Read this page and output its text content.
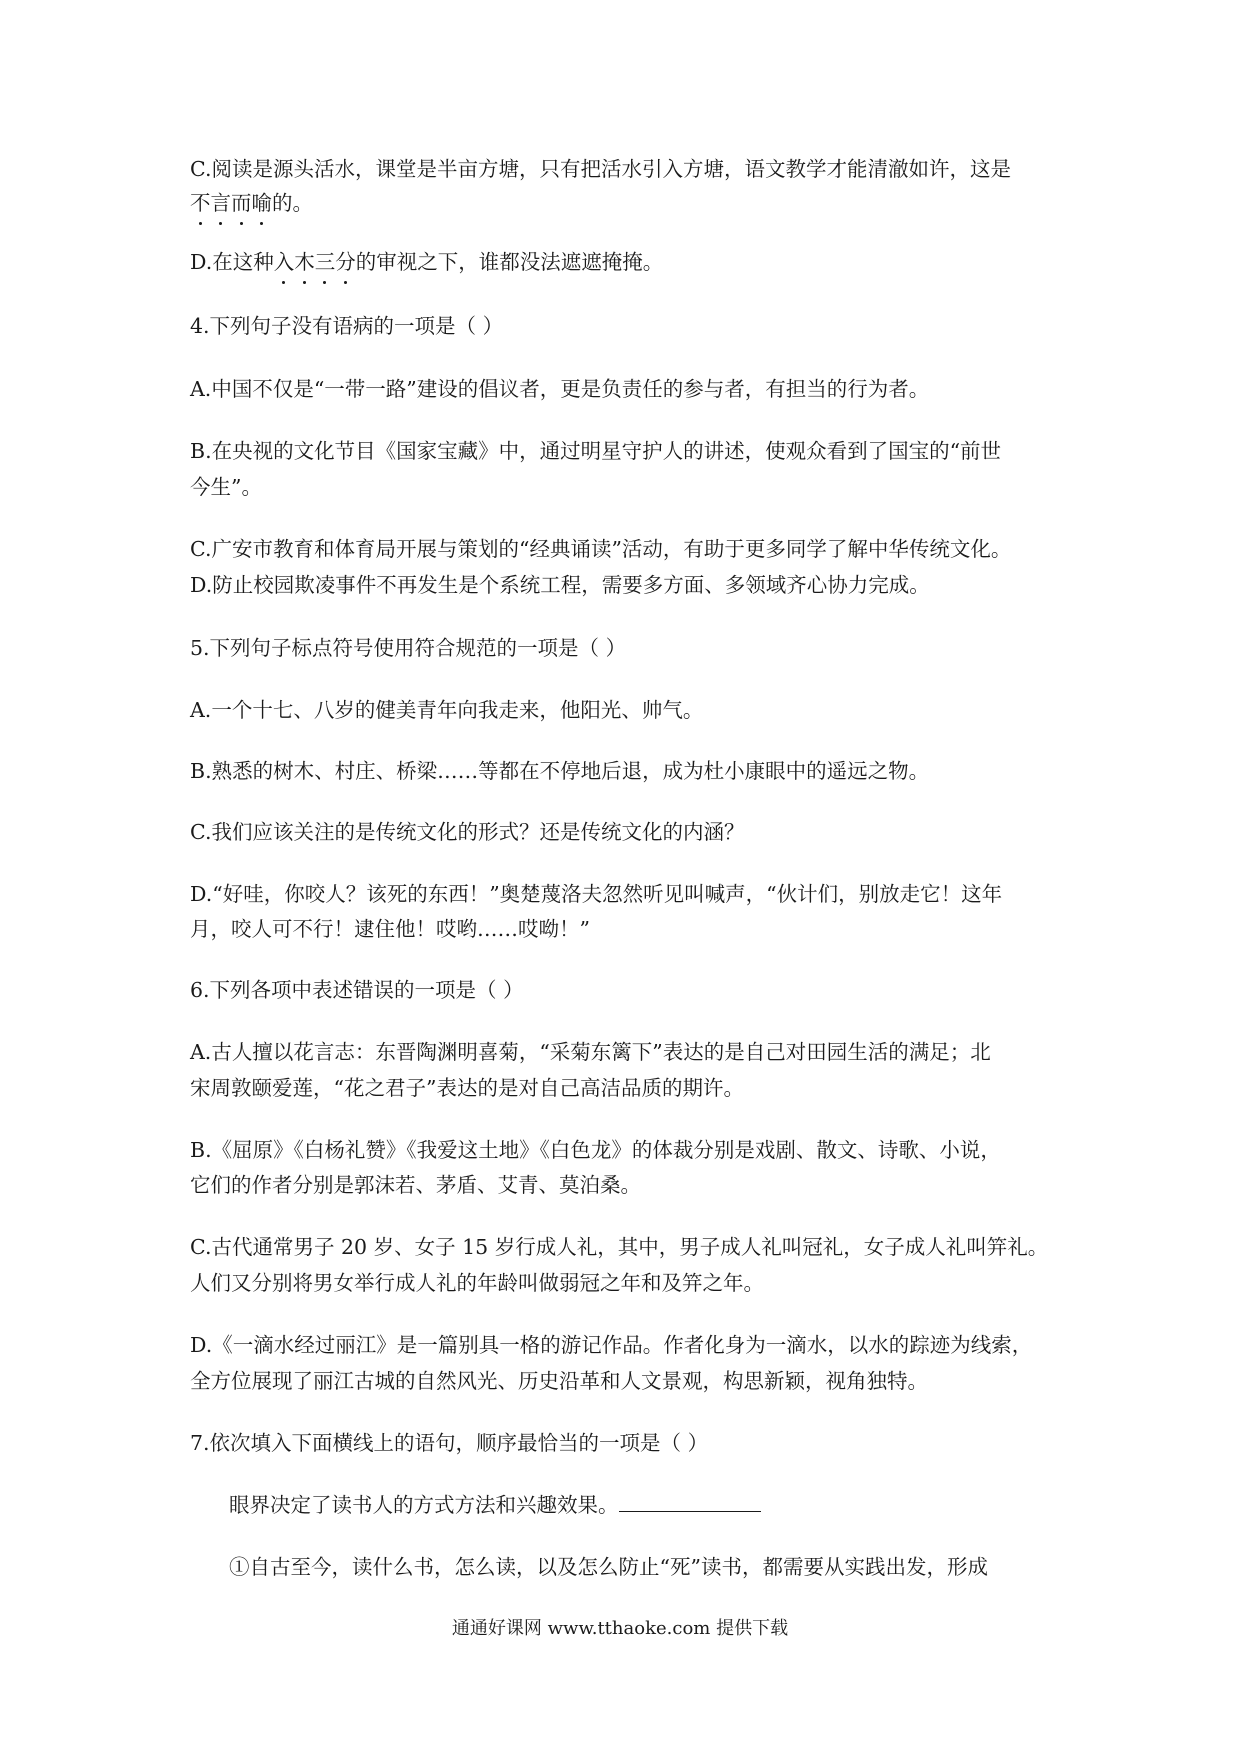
C.阅读是源头活水，课堂是半亩方塘，只有把活水引入方塘，语文教学才能清澈如许，这是
不言而喻的。
D.在这种入木三分的审视之下，谁都没法遮遮掩掩。
4.下列句子没有语病的一项是（ ）
A.中国不仅是“一带一路”建设的倡议者，更是负责任的参与者，有担当的行为者。
B.在央视的文化节目《国家宝藏》中，通过明星守护人的讲述，使观众看到了国宝的“前世
今生”。
C.广安市教育和体育局开展与策划的“经典诵读”活动，有助于更多同学了解中华传统文化。
D.防止校园欺凌事件不再发生是个系统工程，需要多方面、多领域齐心协力完成。
5.下列句子标点符号使用符合规范的一项是（ ）
A.一个十七、八岁的健美青年向我走来，他阳光、帅气。
B.熟悉的树木、村庄、桥梁……等都在不停地后退，成为杜小康眼中的遥远之物。
C.我们应该关注的是传统文化的形式？还是传统文化的内涵？
D.“好哇，你咬人？该死的东西！”奥楚蔑洛夫忽然听见叫喊声，“伙计们，别放走它！这年
月，咬人可不行！逮住他！哎哟……哎呦！”
6.下列各项中表述错误的一项是（ ）
A.古人擅以花言志：东晋陶渊明喜菊，“采菊东篱下”表达的是自己对田园生活的满足；北
宋周敦颐爱莲，“花之君子”表达的是对自己高洁品质的期许。
B.《屈原》《白杨礼赞》《我爱这土地》《白色龙》的体裁分别是戏剧、散文、诗歌、小说，
它们的作者分别是郭沫若、茅盾、艾青、莫泊桑。
C.古代通常男子 20 岁、女子 15 岁行成人礼，其中，男子成人礼叫冠礼，女子成人礼叫笄礼。
人们又分别将男女举行成人礼的年龄叫做弱冠之年和及笄之年。
D.《一滴水经过丽江》是一篇别具一格的游记作品。作者化身为一滴水，以水的踪迹为线索，
全方位展现了丽江古城的自然风光、历史沿革和人文景观，构思新颖，视角独特。
7.依次填入下面横线上的语句，顺序最恰当的一项是（ ）
眼界决定了读书人的方式方法和兴趣效果。
①自古至今，读什么书，怎么读，以及怎么防止“死”读书，都需要从实践出发，形成
通通好课网 www.tthaoke.com 提供下载
